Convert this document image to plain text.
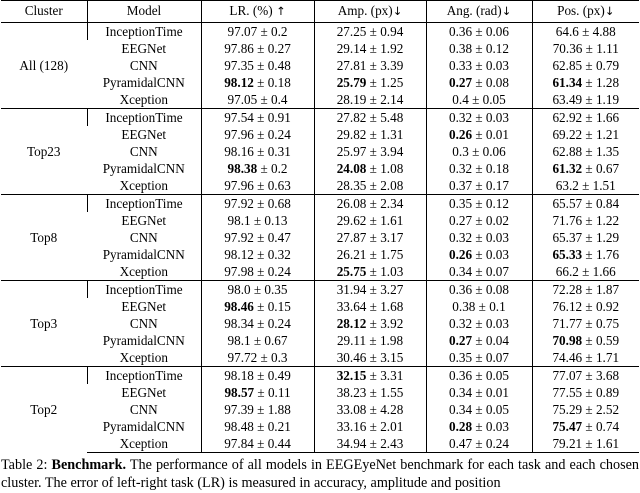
Cluster	Model	LR. (%) ↑	Amp. (px)↓	Ang. (rad)↓	Pos. (px)↓
All (128)	InceptionTime	97.07 ± 0.2	27.25 ± 0.94	0.36 ± 0.06	64.6 ± 4.88
	EEGNet	97.86 ± 0.27	29.14 ± 1.92	0.38 ± 0.12	70.36 ± 1.11
	CNN	97.35 ± 0.48	27.81 ± 3.39	0.33 ± 0.03	62.85 ± 0.79
	PyramidalCNN	98.12 ± 0.18	25.79 ± 1.25	0.27 ± 0.08	61.34 ± 1.28
	Xception	97.05 ± 0.4	28.19 ± 2.14	0.4 ± 0.05	63.49 ± 1.19
Top23	InceptionTime	97.54 ± 0.91	27.82 ± 5.48	0.32 ± 0.03	62.92 ± 1.66
	EEGNet	97.96 ± 0.24	29.82 ± 1.31	0.26 ± 0.01	69.22 ± 1.21
	CNN	98.16 ± 0.31	25.97 ± 3.94	0.3 ± 0.06	62.88 ± 1.35
	PyramidalCNN	98.38 ± 0.2	24.08 ± 1.08	0.32 ± 0.18	61.32 ± 0.67
	Xception	97.96 ± 0.63	28.35 ± 2.08	0.37 ± 0.17	63.2 ± 1.51
Top8	InceptionTime	97.92 ± 0.68	26.08 ± 2.34	0.35 ± 0.12	65.57 ± 0.84
	EEGNet	98.1 ± 0.13	29.62 ± 1.61	0.27 ± 0.02	71.76 ± 1.22
	CNN	97.92 ± 0.47	27.87 ± 3.17	0.32 ± 0.03	65.37 ± 1.29
	PyramidalCNN	98.12 ± 0.32	26.21 ± 1.75	0.26 ± 0.03	65.33 ± 1.76
	Xception	97.98 ± 0.24	25.75 ± 1.03	0.34 ± 0.07	66.2 ± 1.66
Top3	InceptionTime	98.0 ± 0.35	31.94 ± 3.27	0.36 ± 0.08	72.28 ± 1.87
	EEGNet	98.46 ± 0.15	33.64 ± 1.68	0.38 ± 0.1	76.12 ± 0.92
	CNN	98.34 ± 0.24	28.12 ± 3.92	0.32 ± 0.03	71.77 ± 0.75
	PyramidalCNN	98.1 ± 0.67	29.11 ± 1.98	0.27 ± 0.04	70.98 ± 0.59
	Xception	97.72 ± 0.3	30.46 ± 3.15	0.35 ± 0.07	74.46 ± 1.71
Top2	InceptionTime	98.18 ± 0.49	32.15 ± 3.31	0.36 ± 0.05	77.07 ± 3.68
	EEGNet	98.57 ± 0.11	38.23 ± 1.55	0.34 ± 0.01	77.55 ± 0.89
	CNN	97.39 ± 1.88	33.08 ± 4.28	0.34 ± 0.05	75.29 ± 2.52
	PyramidalCNN	98.48 ± 0.21	33.16 ± 2.01	0.28 ± 0.03	75.47 ± 0.74
	Xception	97.84 ± 0.44	34.94 ± 2.43	0.47 ± 0.24	79.21 ± 1.61
Table 2: Benchmark. The performance of all models in EEGEyeNet benchmark for each task and each chosen cluster. The error of left-right task (LR) is measured in accuracy, amplitude and position
